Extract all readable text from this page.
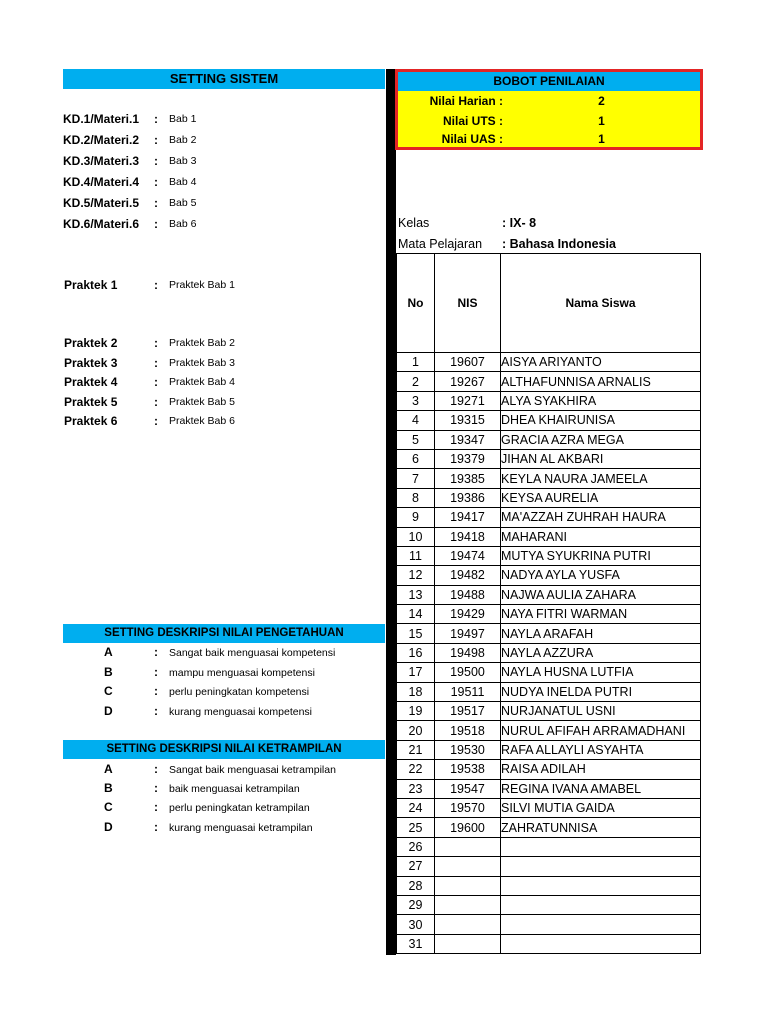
SETTING SISTEM
KD.1/Materi.1 : Bab 1
KD.2/Materi.2 : Bab 2
KD.3/Materi.3 : Bab 3
KD.4/Materi.4 : Bab 4
KD.5/Materi.5 : Bab 5
KD.6/Materi.6 : Bab 6
Praktek 1	: Praktek Bab 1
Praktek 2	: Praktek Bab 2
Praktek 3	: Praktek Bab 3
Praktek 4	: Praktek Bab 4
Praktek 5	: Praktek Bab 5
Praktek 6	: Praktek Bab 6
SETTING DESKRIPSI NILAI PENGETAHUAN
A	: Sangat baik menguasai kompetensi
B	: mampu menguasai kompetensi
C	: perlu peningkatan kompetensi
D	: kurang menguasai kompetensi
SETTING DESKRIPSI NILAI KETRAMPILAN
A	: Sangat baik menguasai ketrampilan
B	: baik menguasai ketrampilan
C	: perlu peningkatan ketrampilan
D	: kurang menguasai ketrampilan
BOBOT PENILAIAN
Nilai Harian :	2
Nilai UTS :	1
Nilai UAS :	1
Kelas	: IX- 8
Mata Pelajaran : Bahasa Indonesia
No	NIS	Nama Siswa
1	19607	AISYA ARIYANTO
2	19267	ALTHAFUNNISA ARNALIS
3	19271	ALYA SYAKHIRA
4	19315	DHEA KHAIRUNISA
5	19347	GRACIA AZRA MEGA
6	19379	JIHAN AL AKBARI
7	19385	KEYLA NAURA JAMEELA
8	19386	KEYSA AURELIA
9	19417	MA'AZZAH ZUHRAH HAURA
10	19418	MAHARANI
11	19474	MUTYA SYUKRINA PUTRI
12	19482	NADYA AYLA YUSFA
13	19488	NAJWA AULIA ZAHARA
14	19429	NAYA FITRI WARMAN
15	19497	NAYLA ARAFAH
16	19498	NAYLA AZZURA
17	19500	NAYLA HUSNA LUTFIA
18	19511	NUDYA INELDA PUTRI
19	19517	NURJANATUL USNI
20	19518	NURUL AFIFAH ARRAMADHANI
21	19530	RAFA ALLAYLI ASYAHTA
22	19538	RAISA ADILAH
23	19547	REGINA IVANA AMABEL
24	19570	SILVI MUTIA GAIDA
25	19600	ZAHRATUNNISA
26		
27		
28		
29		
30		
31		
